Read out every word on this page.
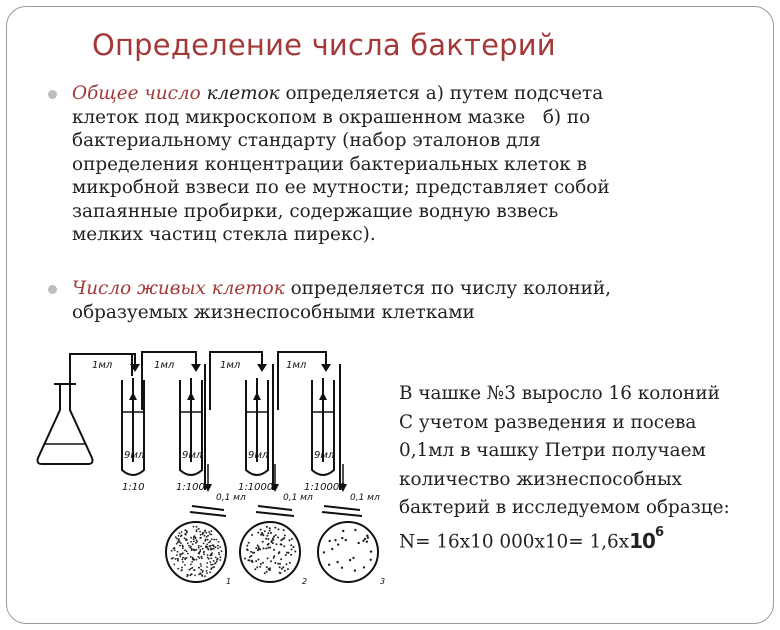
Определение числа бактерий
Общее число клеток определяется а) путем подсчета
клеток под микроскопом в окрашенном мазке   б) по
бактериальному стандарту (набор эталонов для
определения концентрации бактериальных клеток в
микробной взвеси по ее мутности; представляет собой
запаянные пробирки, содержащие водную взвесь
мелких частиц стекла пирекс).
Число живых клеток определяется по числу колоний,
образуемых жизнеспособными клетками
1мл	1мл	1мл	1мл
9мл	9мл	9мл	9мл
1:10	1:100	1:1000	1:10000
0,1 мл	0,1 мл	0,1 мл
1	2	3
В чашке №3 выросло 16 колоний
С учетом разведения и посева
0,1мл в чашку Петри получаем
количество жизнеспособных
бактерий в исследуемом образце:
N= 16х10 $000х10= 1,6х10^6$
